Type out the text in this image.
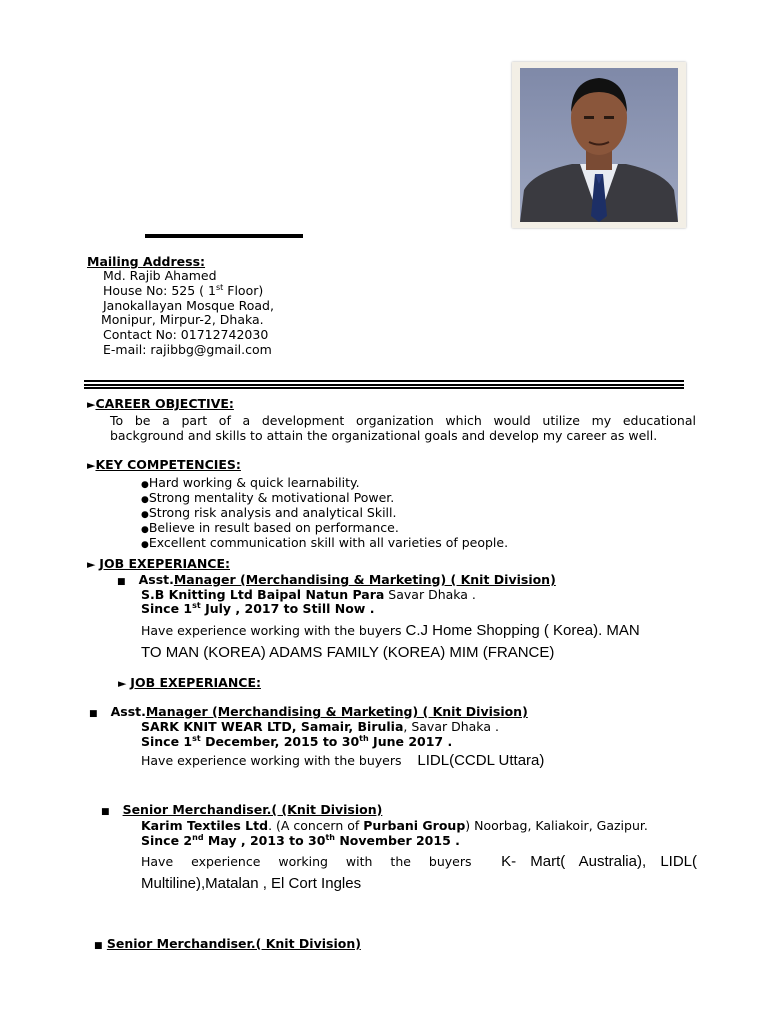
Mailing Address:
Md. Rajib Ahamed
House No: 525 ( 1st Floor)
Janokallayan Mosque Road,
Monipur, Mirpur-2, Dhaka.
Contact No: 01712742030
E-mail: rajibbg@gmail.com
►CAREER OBJECTIVE:
To be a part of a development organization which would utilize my educational
background and skills to attain the organizational goals and develop my career as well.
►KEY COMPETENCIES:
●Hard working & quick learnability.
●Strong mentality & motivational Power.
●Strong risk analysis and analytical Skill.
●Believe in result based on performance.
●Excellent communication skill with all varieties of people.
► JOB EXEPERIANCE:
■ Asst.Manager (Merchandising & Marketing) ( Knit Division)
S.B Knitting Ltd Baipal Natun Para Savar Dhaka .
Since 1st July , 2017 to Still Now .
Have experience working with the buyers C.J Home Shopping ( Korea). MAN
TO MAN (KOREA) ADAMS FAMILY (KOREA) MIM (FRANCE)
► JOB EXEPERIANCE:
■ Asst.Manager (Merchandising & Marketing) ( Knit Division)
SARK KNIT WEAR LTD, Samair, Birulia, Savar Dhaka .
Since 1st December, 2015 to 30th June 2017 .
Have experience working with the buyers    LIDL(CCDL Uttara)
■ Senior Merchandiser.( (Knit Division)
Karim Textiles Ltd. (A concern of Purbani Group) Noorbag, Kaliakoir, Gazipur.
Since 2nd May , 2013 to 30th November 2015 .
Have experience working with the buyers K- Mart( Australia), LIDL(
Multiline),Matalan , El Cort Ingles
■ Senior Merchandiser.( Knit Division)
